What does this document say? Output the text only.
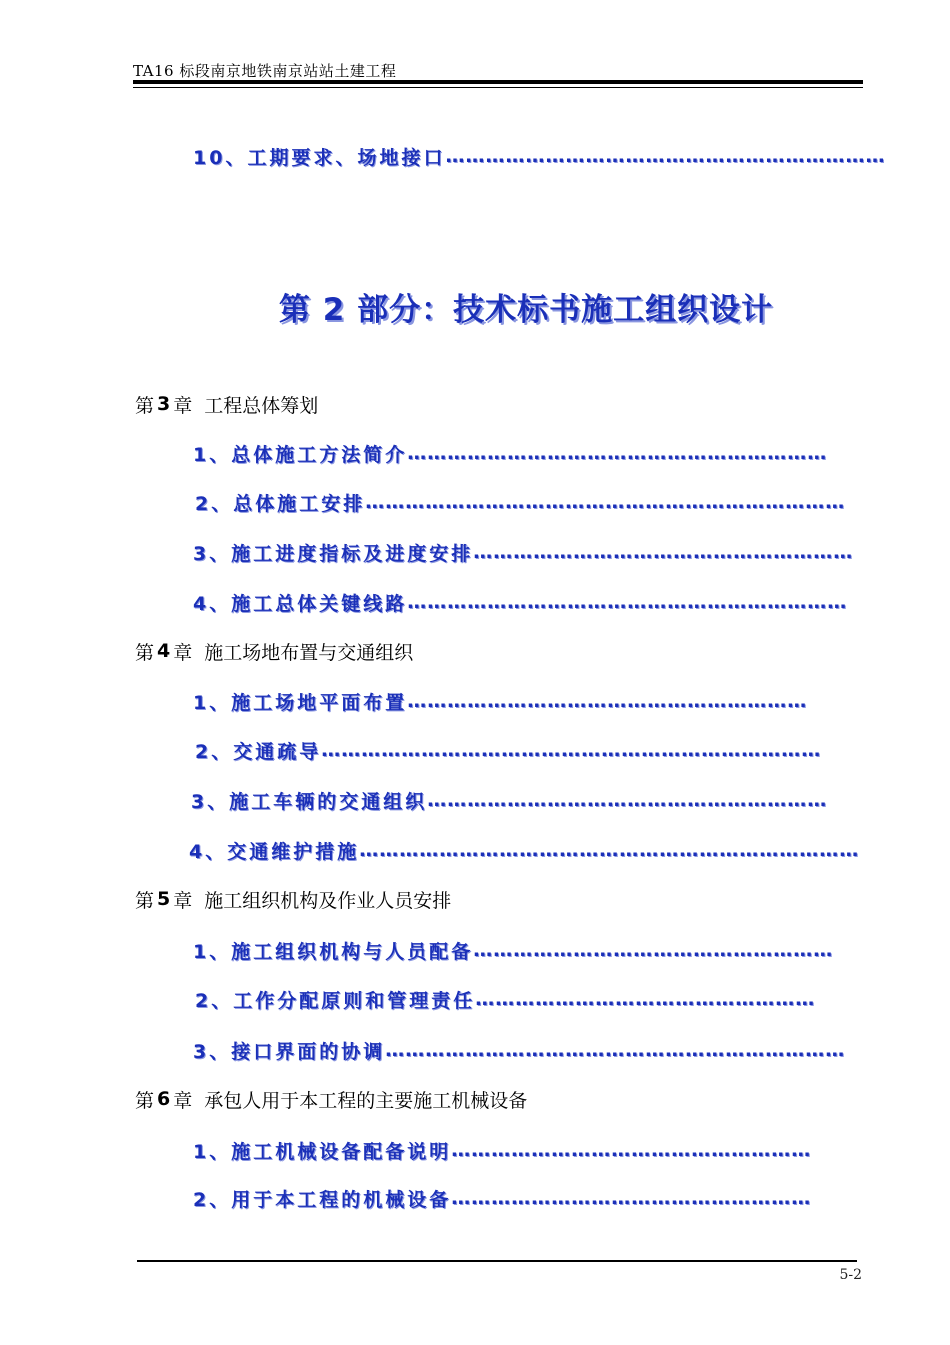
TA16 标段南京地铁南京站站土建工程
10、工期要求、场地接口 …………………………………………………………
第 2 部分：技术标书施工组织设计
第 3 章 工程总体筹划
1、总体施工方法简介 ………………………………………………………
2、总体施工安排 ………………………………………………………………
3、施工进度指标及进度安排 …………………………………………………
4、施工总体关键线路 …………………………………………………………
第 4 章 施工场地布置与交通组织
1、施工场地平面布置 ……………………………………………………
2、交通疏导 …………………………………………………………………
3、施工车辆的交通组织 ……………………………………………………
4、交通维护措施 …………………………………………………………………
第 5 章 施工组织机构及作业人员安排
1、施工组织机构与人员配备 ………………………………………………
2、工作分配原则和管理责任 ……………………………………………
3、接口界面的协调 ……………………………………………………………
第 6 章 承包人用于本工程的主要施工机械设备
1、施工机械设备配备说明 ………………………………………………
2、用于本工程的机械设备 ………………………………………………
5-2
